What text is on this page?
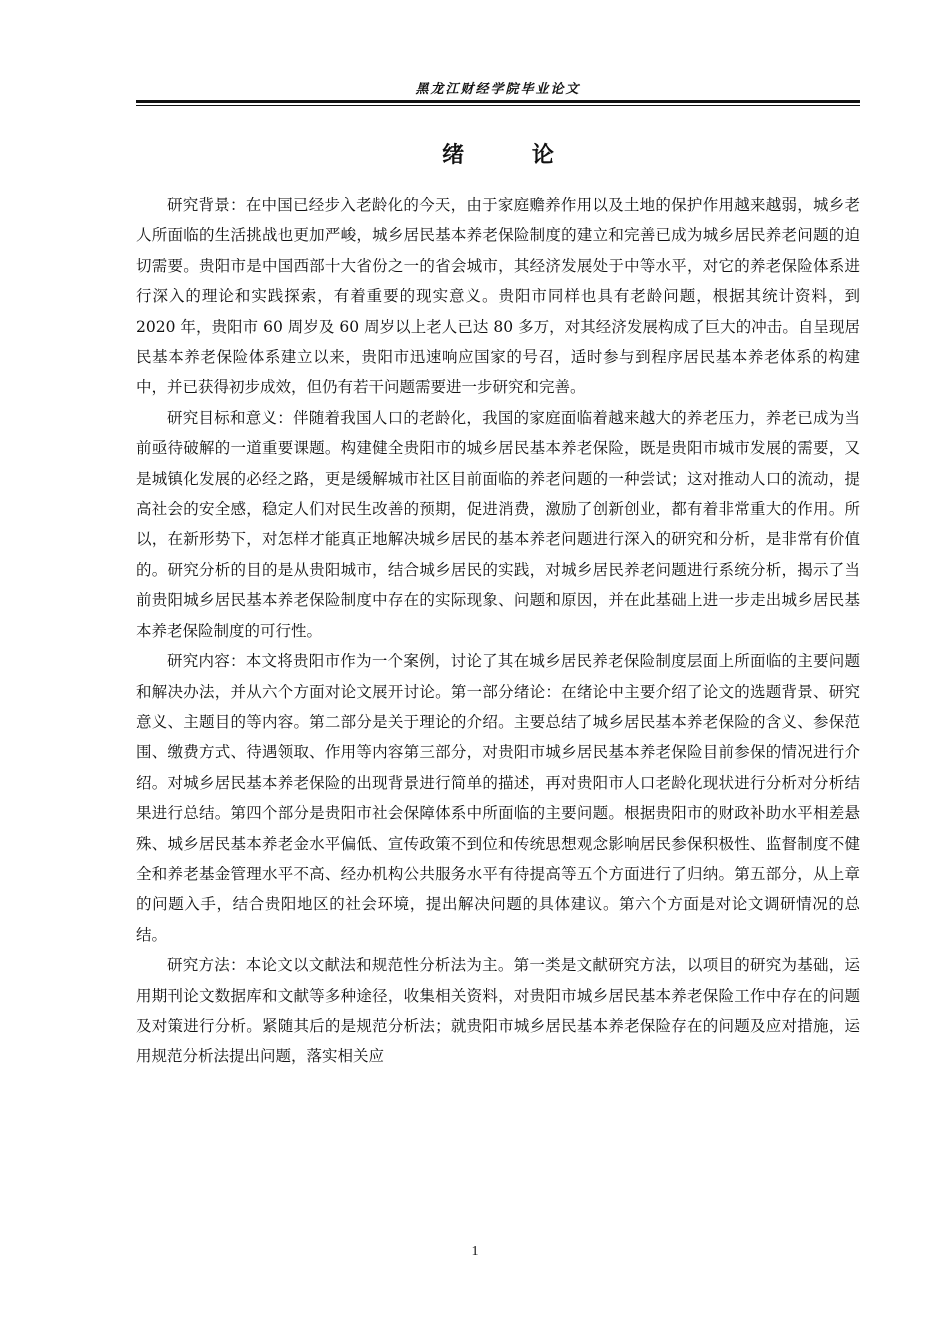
黑龙江财经学院毕业论文
绪 论

研究背景：在中国已经步入老龄化的今天，由于家庭赡养作用以及土地的保护作用越来越弱，城乡老人所面临的生活挑战也更加严峻，城乡居民基本养老保险制度的建立和完善已成为城乡居民养老问题的迫切需要。贵阳市是中国西部十大省份之一的省会城市，其经济发展处于中等水平，对它的养老保险体系进行深入的理论和实践探索，有着重要的现实意义。贵阳市同样也具有老龄问题，根据其统计资料，到 2020 年，贵阳市 60 周岁及 60 周岁以上老人已达 80 多万，对其经济发展构成了巨大的冲击。自呈现居民基本养老保险体系建立以来，贵阳市迅速响应国家的号召，适时参与到程序居民基本养老体系的构建中，并已获得初步成效，但仍有若干问题需要进一步研究和完善。

研究目标和意义：伴随着我国人口的老龄化，我国的家庭面临着越来越大的养老压力，养老已成为当前亟待破解的一道重要课题。构建健全贵阳市的城乡居民基本养老保险，既是贵阳市城市发展的需要，又是城镇化发展的必经之路，更是缓解城市社区目前面临的养老问题的一种尝试；这对推动人口的流动，提高社会的安全感，稳定人们对民生改善的预期，促进消费，激励了创新创业，都有着非常重大的作用。所以，在新形势下，对怎样才能真正地解决城乡居民的基本养老问题进行深入的研究和分析，是非常有价值的。研究分析的目的是从贵阳城市，结合城乡居民的实践，对城乡居民养老问题进行系统分析，揭示了当前贵阳城乡居民基本养老保险制度中存在的实际现象、问题和原因，并在此基础上进一步走出城乡居民基本养老保险制度的可行性。

研究内容：本文将贵阳市作为一个案例，讨论了其在城乡居民养老保险制度层面上所面临的主要问题和解决办法，并从六个方面对论文展开讨论。第一部分绪论：在绪论中主要介绍了论文的选题背景、研究意义、主题目的等内容。第二部分是关于理论的介绍。主要总结了城乡居民基本养老保险的含义、参保范围、缴费方式、待遇领取、作用等内容第三部分，对贵阳市城乡居民基本养老保险目前参保的情况进行介绍。对城乡居民基本养老保险的出现背景进行简单的描述，再对贵阳市人口老龄化现状进行分析对分析结果进行总结。第四个部分是贵阳市社会保障体系中所面临的主要问题。根据贵阳市的财政补助水平相差悬殊、城乡居民基本养老金水平偏低、宣传政策不到位和传统思想观念影响居民参保积极性、监督制度不健全和养老基金管理水平不高、经办机构公共服务水平有待提高等五个方面进行了归纳。第五部分，从上章的问题入手，结合贵阳地区的社会环境，提出解决问题的具体建议。第六个方面是对论文调研情况的总结。

研究方法：本论文以文献法和规范性分析法为主。第一类是文献研究方法，以项目的研究为基础，运用期刊论文数据库和文献等多种途径，收集相关资料，对贵阳市城乡居民基本养老保险工作中存在的问题及对策进行分析。紧随其后的是规范分析法；就贵阳市城乡居民基本养老保险存在的问题及应对措施，运用规范分析法提出问题，落实相关应

1
